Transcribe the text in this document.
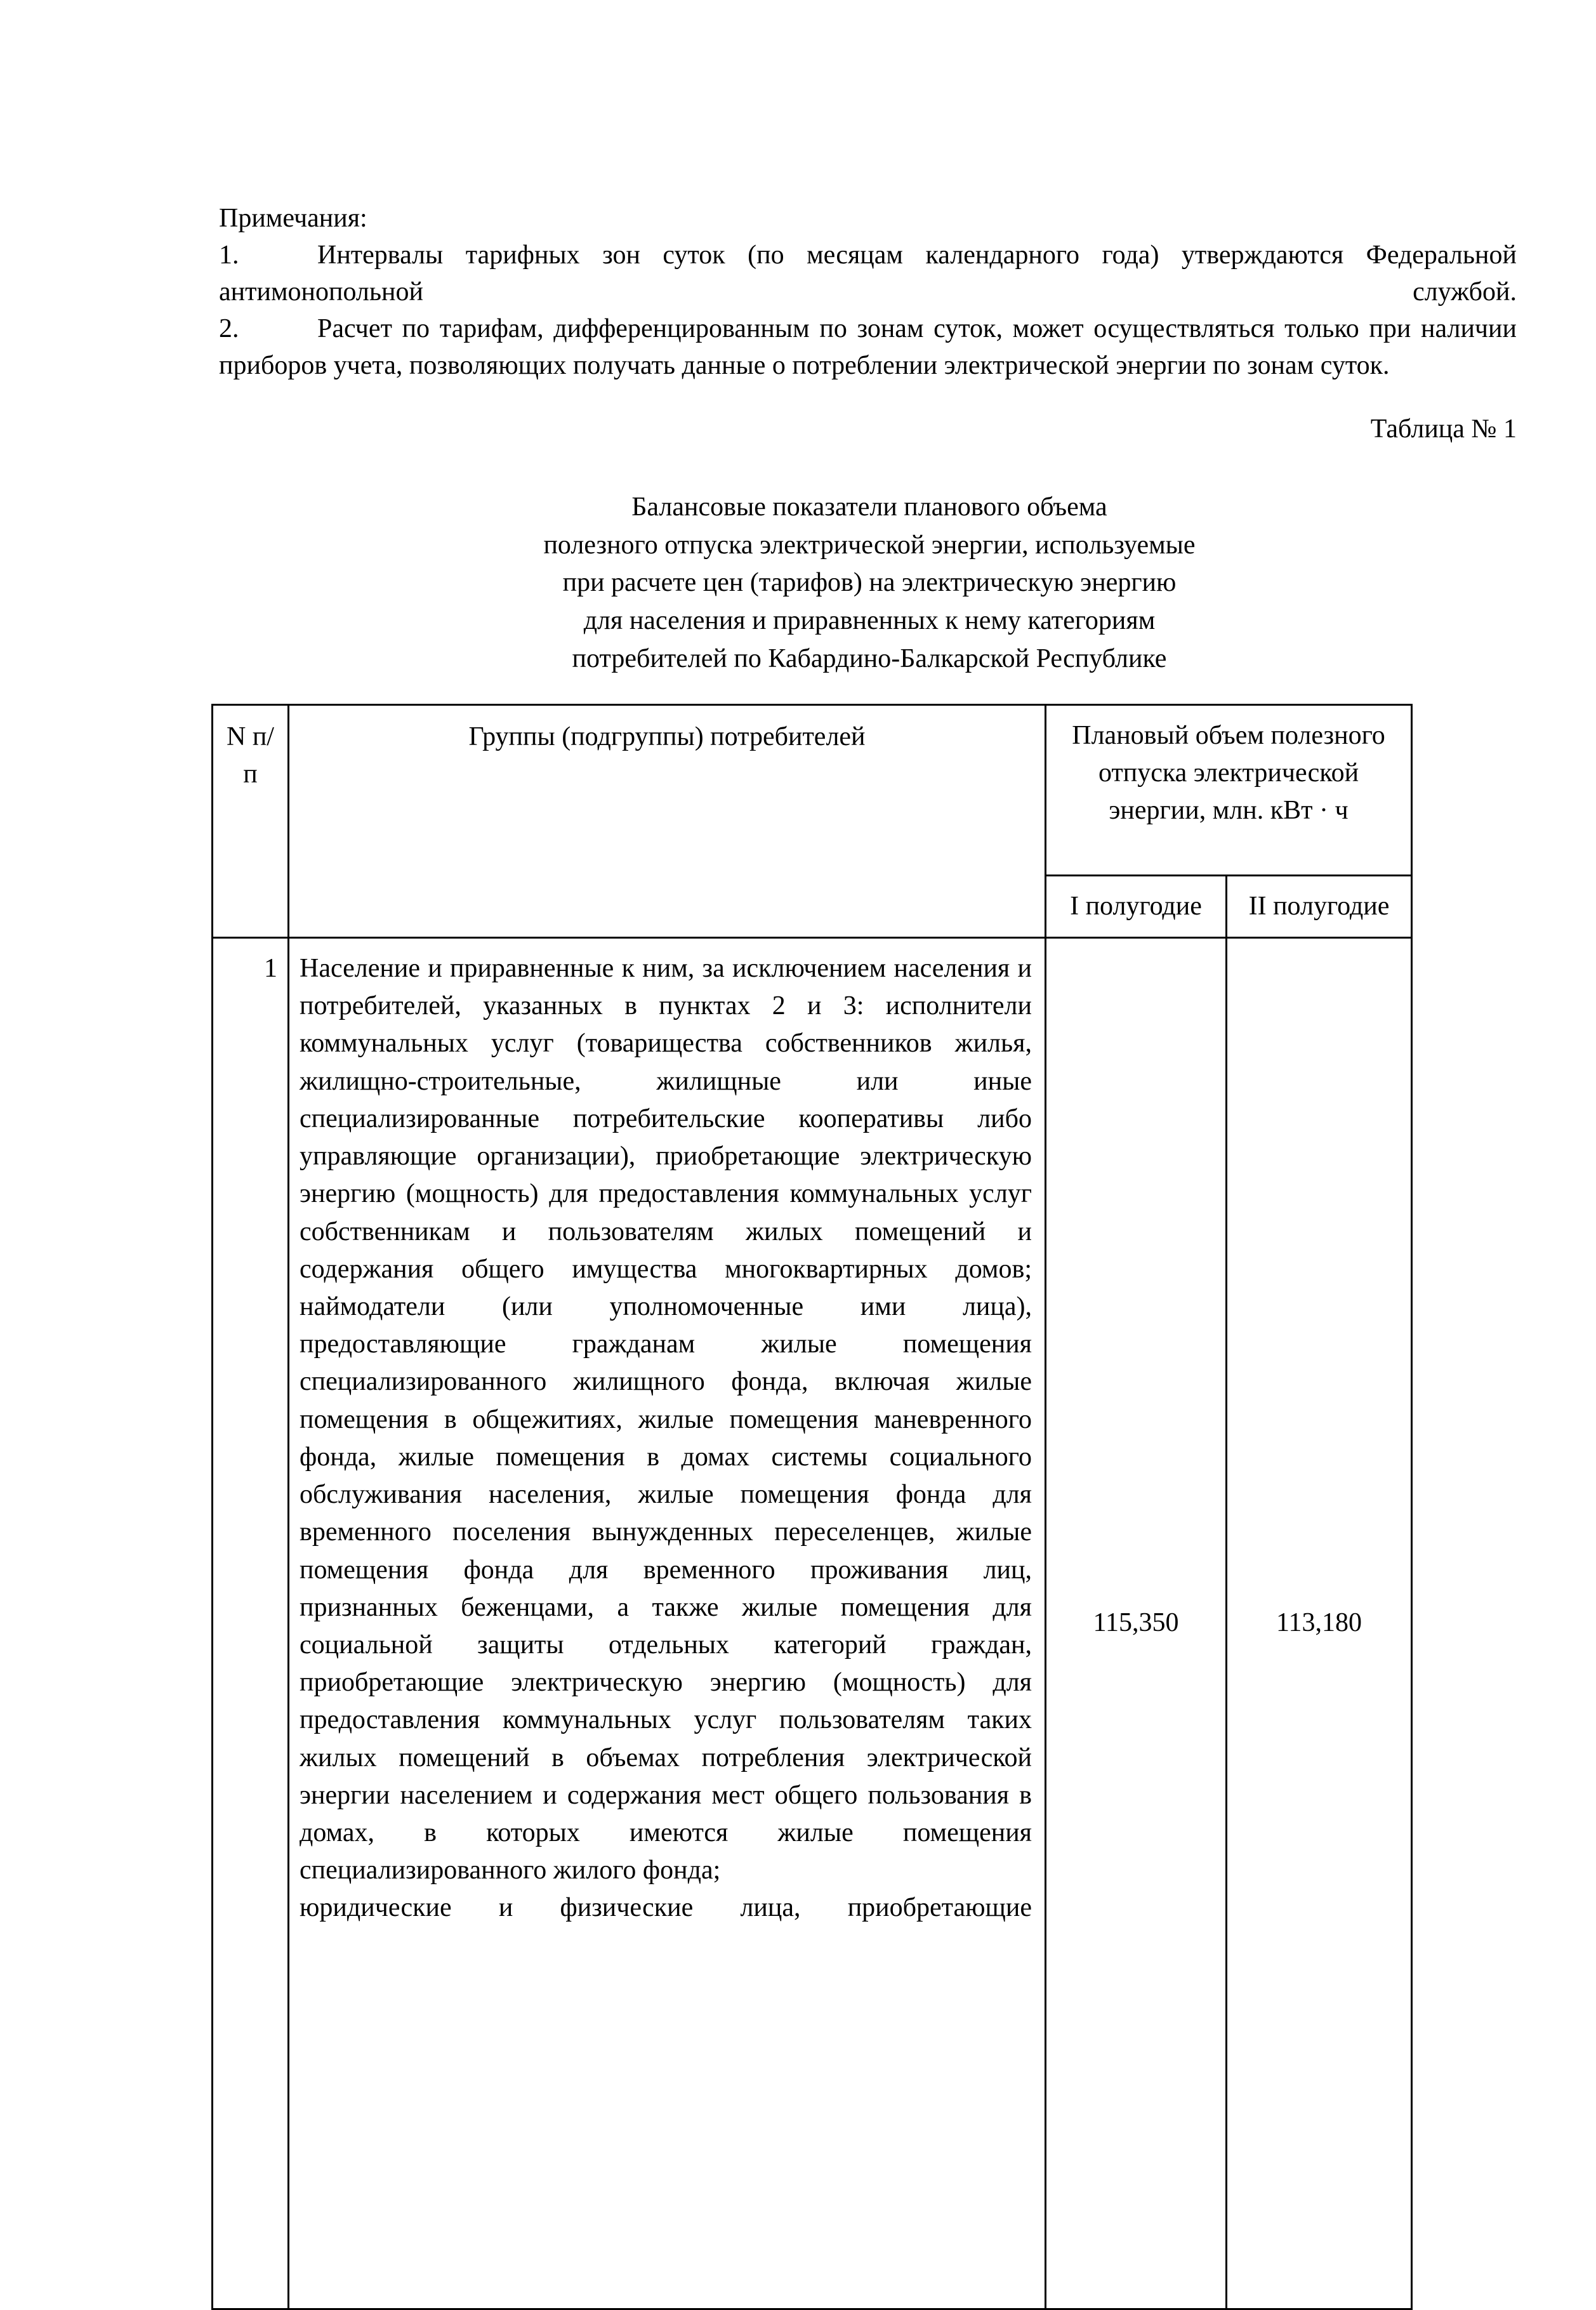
Примечания:

1.	Интервалы тарифных зон суток (по месяцам календарного года) утверждаются Федеральной антимонопольной службой.

2.	Расчет по тарифам, дифференцированным по зонам суток, может осуществляться только при наличии приборов учета, позволяющих получать данные о потреблении электрической энергии по зонам суток.

Таблица № 1
Балансовые показатели планового объема
полезного отпуска электрической энергии, используемые
при расчете цен (тарифов) на электрическую энергию
для населения и приравненных к нему категориям
потребителей по Кабардино-Балкарской Республике
N п/п	Группы (подгруппы) потребителей	Плановый объем полезного отпуска электрической энергии, млн. кВт · ч	
		I полугодие	II полугодие
1	Население и приравненные к ним, за исключением населения и потребителей, указанных в пунктах 2 и 3: исполнители коммунальных услуг (товарищества собственников жилья, жилищно-строительные, жилищные или иные специализированные потребительские кооперативы либо управляющие организации), приобретающие электрическую энергию (мощность) для предоставления коммунальных услуг собственникам и пользователям жилых помещений и содержания общего имущества многоквартирных домов; наймодатели (или уполномоченные ими лица), предоставляющие гражданам жилые помещения специализированного жилищного фонда, включая жилые помещения в общежитиях, жилые помещения маневренного фонда, жилые помещения в домах системы социального обслуживания населения, жилые помещения фонда для временного поселения вынужденных переселенцев, жилые помещения фонда для временного проживания лиц, признанных беженцами, а также жилые помещения для социальной защиты отдельных категорий граждан, приобретающие электрическую энергию (мощность) для предоставления коммунальных услуг пользователям таких жилых помещений в объемах потребления электрической энергии населением и содержания мест общего пользования в домах, в которых имеются жилые помещения специализированного жилого фонда;

юридические и физические лица, приобретающие	115,350	113,180
